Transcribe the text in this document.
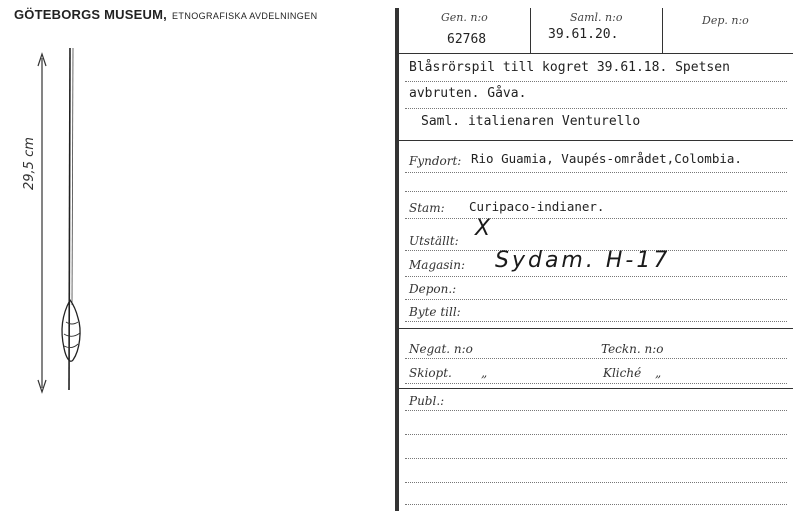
GÖTEBORGS MUSEUM, ETNOGRAFISKA AVDELNINGEN
29,5 cm
Gen. n:o
62768
Saml. n:o
39.61.20.
Dep. n:o
Blåsrörspil till kogret 39.61.18. Spetsen
avbruten. Gåva.
Saml. italienaren Venturello
Fyndort: Rio Guamia, Vaupés-området,Colombia.
Stam: Curipaco-indianer.
Utställt: X
Magasin: Sydam. H-17
Depon.:
Byte till:
Negat. n:o	Teckn. n:o
Skiopt. „	Kliché „
Publ.:
